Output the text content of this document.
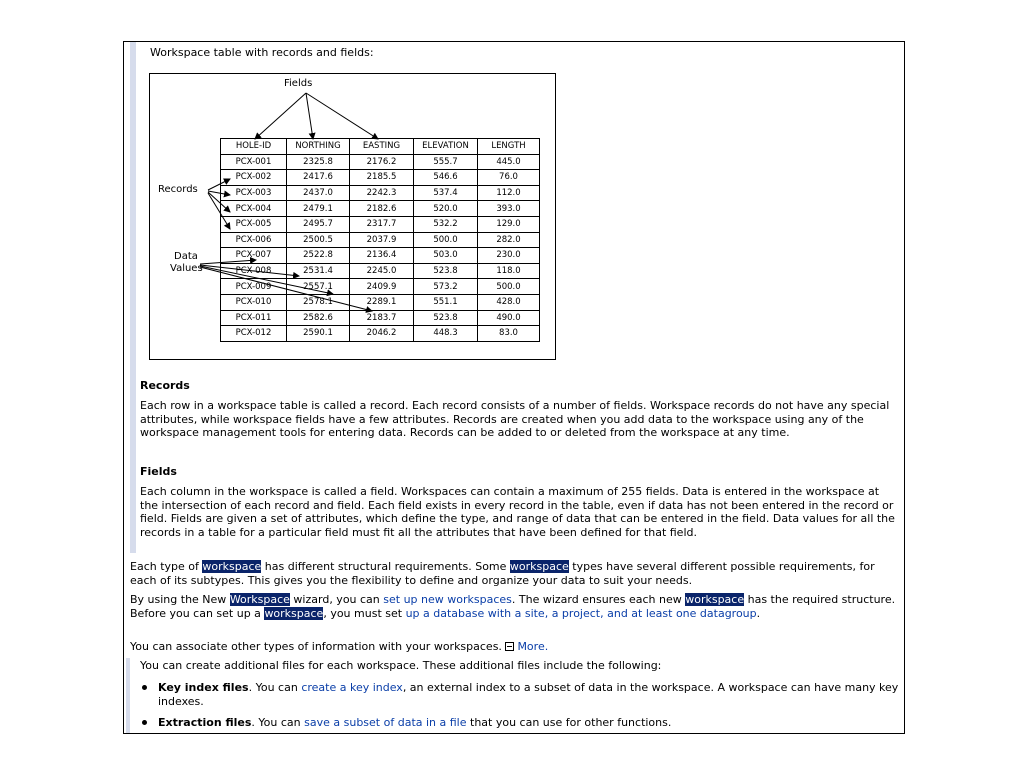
Workspace table with records and fields:
Fields
Records
Data
Values
HOLE-ID	NORTHING	EASTING	ELEVATION	LENGTH
PCX-001	2325.8	2176.2	555.7	445.0
PCX-002	2417.6	2185.5	546.6	76.0
PCX-003	2437.0	2242.3	537.4	112.0
PCX-004	2479.1	2182.6	520.0	393.0
PCX-005	2495.7	2317.7	532.2	129.0
PCX-006	2500.5	2037.9	500.0	282.0
PCX-007	2522.8	2136.4	503.0	230.0
PCX-008	2531.4	2245.0	523.8	118.0
PCX-009	2557.1	2409.9	573.2	500.0
PCX-010	2578.1	2289.1	551.1	428.0
PCX-011	2582.6	2183.7	523.8	490.0
PCX-012	2590.1	2046.2	448.3	83.0
Records
Each row in a workspace table is called a record. Each record consists of a number of fields. Workspace records do not have any special attributes, while workspace fields have a few attributes. Records are created when you add data to the workspace using any of the workspace management tools for entering data. Records can be added to or deleted from the workspace at any time.
Fields
Each column in the workspace is called a field. Workspaces can contain a maximum of 255 fields. Data is entered in the workspace at the intersection of each record and field. Each field exists in every record in the table, even if data has not been entered in the record or field. Fields are given a set of attributes, which define the type, and range of data that can be entered in the field. Data values for all the records in a table for a particular field must fit all the attributes that have been defined for that field.
Each type of workspace has different structural requirements. Some workspace types have several different possible requirements, for each of its subtypes. This gives you the flexibility to define and organize your data to suit your needs.
By using the New Workspace wizard, you can set up new workspaces. The wizard ensures each new workspace has the required structure. Before you can set up a workspace, you must set up a database with a site, a project, and at least one datagroup.
You can associate other types of information with your workspaces. More.
You can create additional files for each workspace. These additional files include the following:
Key index files. You can create a key index, an external index to a subset of data in the workspace. A workspace can have many key indexes.
Extraction files. You can save a subset of data in a file that you can use for other functions.
